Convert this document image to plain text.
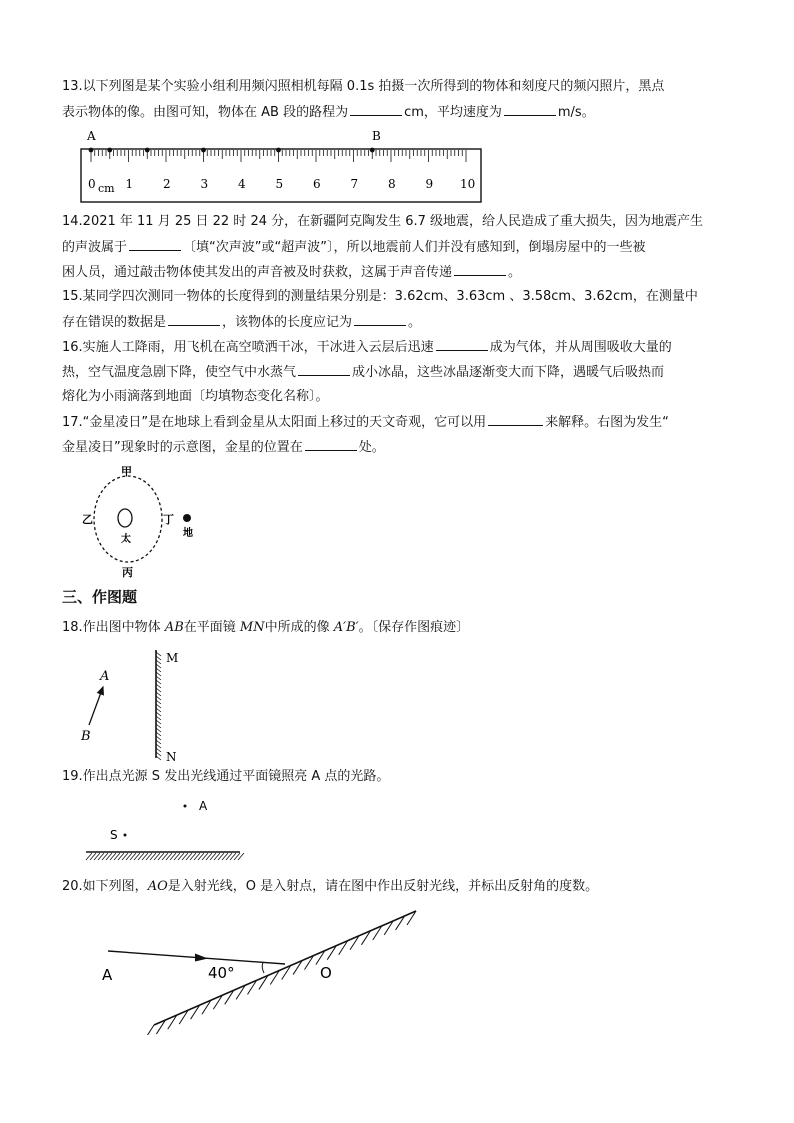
13.以下列图是某个实验小组利用频闪照相机每隔 0.1s 拍摄一次所得到的物体和刻度尺的频闪照片，黑点
表示物体的像。由图可知，物体在 AB 段的路程为	cm，平均速度为	m/s。
A	B
0 1 2 3 4 5 6 7 8 9 10
cm
14.2021 年 11 月 25 日 22 时 24 分，在新疆阿克陶发生 6.7 级地震，给人民造成了重大损失，因为地震产生
的声波属于	〔填“次声波”或“超声波”〕，所以地震前人们并没有感知到，倒塌房屋中的一些被
困人员，通过敲击物体使其发出的声音被及时获救，这属于声音传递	。
15.某同学四次测同一物体的长度得到的测量结果分别是：3.62cm、3.63cm 、3.58cm、3.62cm，在测量中
存在错误的数据是	，该物体的长度应记为	。
16.实施人工降雨，用飞机在高空喷洒干冰，干冰进入云层后迅速	成为气体，并从周围吸收大量的
热，空气温度急剧下降，使空气中水蒸气	成小冰晶，这些冰晶逐渐变大而下降，遇暖气后吸热而
熔化为小雨滴落到地面〔均填物态变化名称〕。
17.“金星凌日”是在地球上看到金星从太阳面上移过的天文奇观，它可以用	来解释。右图为发生“
金星凌日”现象时的示意图，金星的位置在	处。
甲
乙	丁
丙
太
地
三、作图题
18.作出图中物体 AB在平面镜 MN中所成的像 A′B′。〔保存作图痕迹〕
A
B
M
N
19.作出点光源 S 发出光线通过平面镜照亮 A 点的光路。
A
S
20.如下列图，AO是入射光线，O 是入射点，请在图中作出反射光线，并标出反射角的度数。
40°
A	O
